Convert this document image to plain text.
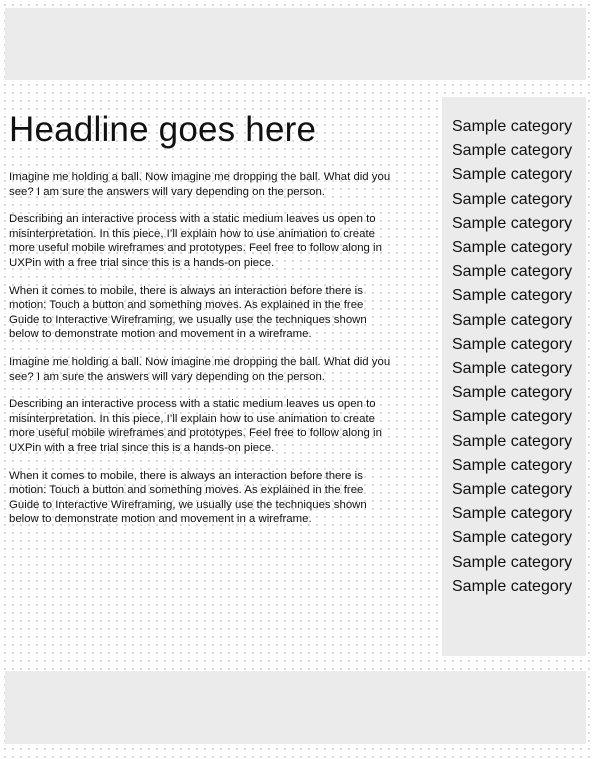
Headline goes here

Imagine me holding a ball. Now imagine me dropping the ball. What did you see? I am sure the answers will vary depending on the person.

Describing an interactive process with a static medium leaves us open to misinterpretation. In this piece, I’ll explain how to use animation to create more useful mobile wireframes and prototypes. Feel free to follow along in UXPin with a free trial since this is a hands-on piece.

When it comes to mobile, there is always an interaction before there is motion: Touch a button and something moves. As explained in the free Guide to Interactive Wireframing, we usually use the techniques shown below to demonstrate motion and movement in a wireframe.

Imagine me holding a ball. Now imagine me dropping the ball. What did you see? I am sure the answers will vary depending on the person.

Describing an interactive process with a static medium leaves us open to misinterpretation. In this piece, I’ll explain how to use animation to create more useful mobile wireframes and prototypes. Feel free to follow along in UXPin with a free trial since this is a hands-on piece.

When it comes to mobile, there is always an interaction before there is motion: Touch a button and something moves. As explained in the free Guide to Interactive Wireframing, we usually use the techniques shown below to demonstrate motion and movement in a wireframe.

Sample category
Sample category
Sample category
Sample category
Sample category
Sample category
Sample category
Sample category
Sample category
Sample category
Sample category
Sample category
Sample category
Sample category
Sample category
Sample category
Sample category
Sample category
Sample category
Sample category
